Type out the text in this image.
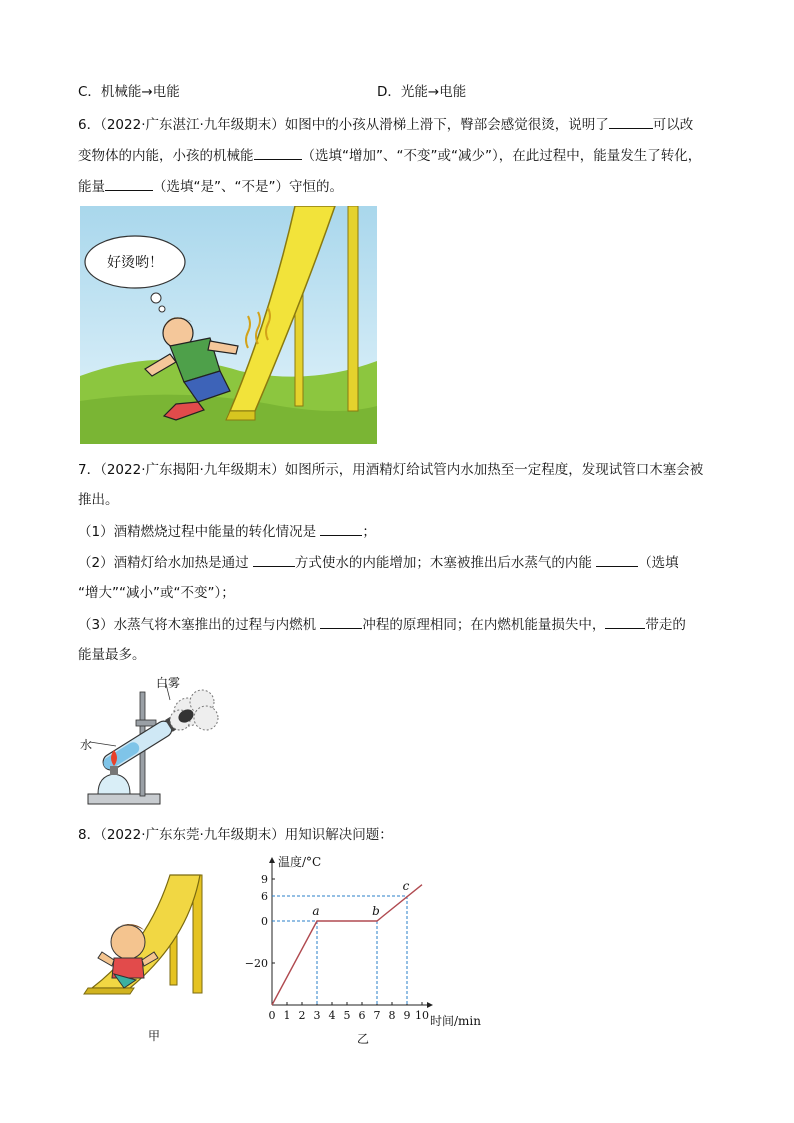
C．机械能→电能	D．光能→电能
6．（2022·广东湛江·九年级期末）如图中的小孩从滑梯上滑下，臀部会感觉很烫，说明了	可以改
变物体的内能，小孩的机械能	（选填“增加”、“不变”或“减少”），在此过程中，能量发生了转化，
能量	（选填“是”、“不是”）守恒的。
好烫哟！
7．（2022·广东揭阳·九年级期末）如图所示，用酒精灯给试管内水加热至一定程度，发现试管口木塞会被
推出。
（1）酒精燃烧过程中能量的转化情况是	；
（2）酒精灯给水加热是通过	方式使水的内能增加；木塞被推出后水蒸气的内能	（选填
“增大”“减小”或“不变”）；
（3）水蒸气将木塞推出的过程与内燃机	冲程的原理相同；在内燃机能量损失中，	带走的
能量最多。
白雾
水
8．（2022·广东东莞·九年级期末）用知识解决问题：
甲
温度/°C
时间/min
0 1 2 3 4 5 6 7 8 9 10
9
6
0
−20
a	b
c
乙
